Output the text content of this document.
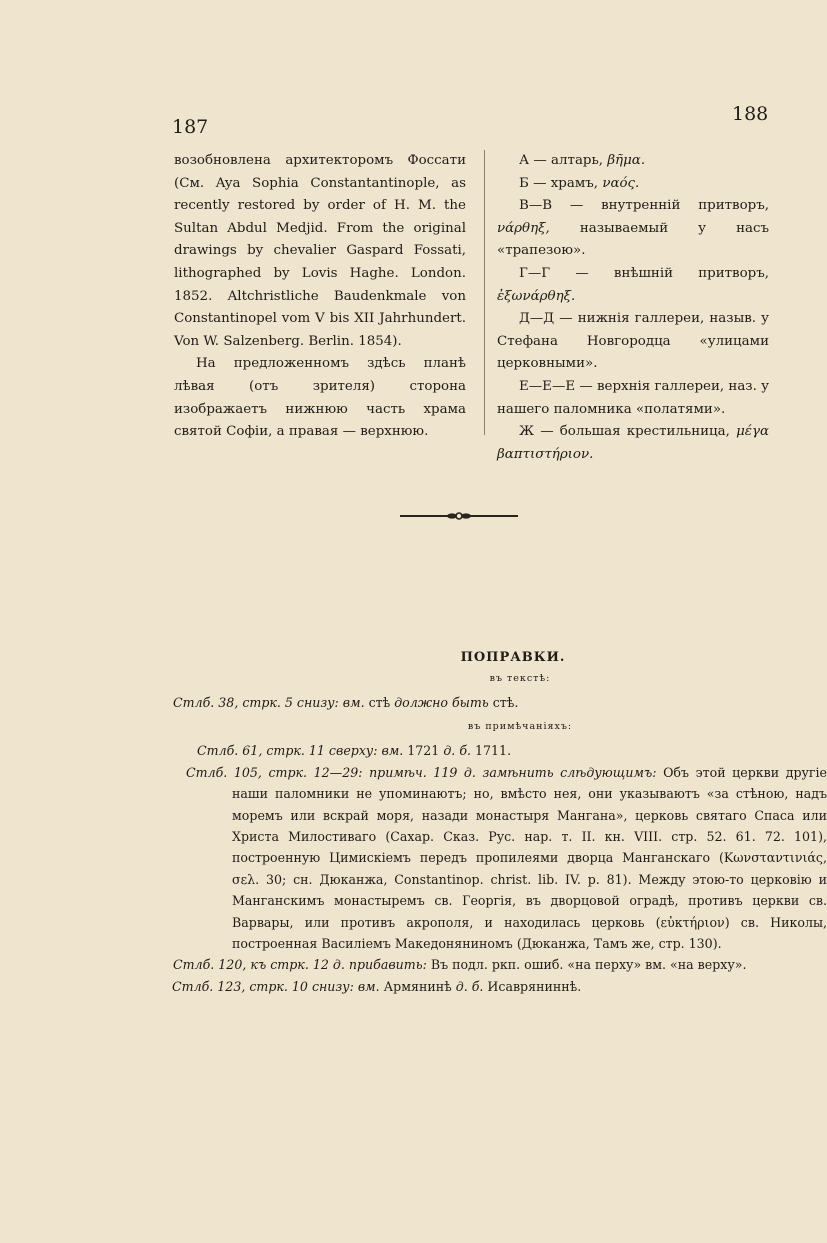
187
188

возобновлена архитекторомъ Фоссати (См. Aya Sophia Constantantinople, as recently restored by order of H. M. the Sultan Abdul Medjid. From the original drawings by chevalier Gaspard Fossati, lithographed by Lovis Haghe. London. 1852. Altchristliche Baudenkmale von Constantinopel vom V bis XII Jahrhundert. Von W. Salzenberg. Berlin. 1854).

На предложенномъ здѣсь планѣ лѣвая (отъ зрителя) сторона изображаетъ нижнюю часть храма святой Софіи, а правая — верхнюю.

А — алтарь, βῆμα.

Б — храмъ, ναός.

В—В — внутренній притворъ, νάρθηξ, называемый у насъ «трапезою».

Г—Г — внѣшній притворъ, ἐξωνάρθηξ.

Д—Д — нижнія галлереи, назыв. у Стефана Новгородца «улицами церковными».

Е—Е—Е — верхнія галлереи, наз. у нашего паломника «полатями».

Ж — большая крестильница, μέγα βαπτιστήριον.

ПОПРАВКИ.
въ текстѣ:

Стлб. 38, стрк. 5 снизу: вм. стѣ должно быть стѣ.

въ примѣчаніяхъ:

Стлб. 61, стрк. 11 сверху: вм. 1721 д. б. 1711.

Стлб. 105, стрк. 12—29: примѣч. 119 д. замѣнить слѣдующимъ: Объ этой церкви другіе наши паломники не упоминаютъ; но, вмѣсто нея, они указываютъ «за стѣною, надъ моремъ или вскрай моря, назади монастыря Мангана», церковь святаго Спаса или Христа Милостиваго (Сахар. Сказ. Рус. нар. т. II. кн. VIII. стр. 52. 61. 72. 101), построенную Цимискіемъ передъ пропилеями дворца Манганскаго (Κωνσταντινιάς, σελ. 30; сн. Дюканжа, Constantinop. christ. lib. IV. p. 81). Между этою-то церковію и Манганскимъ монастыремъ св. Георгія, въ дворцовой оградѣ, противъ церкви св. Варвары, или противъ акрополя, и находилась церковь (εὐκτήριον) св. Николы, построенная Василіемъ Македоняниномъ (Дюканжа, Тамъ же, стр. 130).

Стлб. 120, къ стрк. 12 д. прибавить: Въ подл. ркп. ошиб. «на перху» вм. «на верху».

Стлб. 123, стрк. 10 снизу: вм. Армянинѣ д. б. Исавряниннѣ.
